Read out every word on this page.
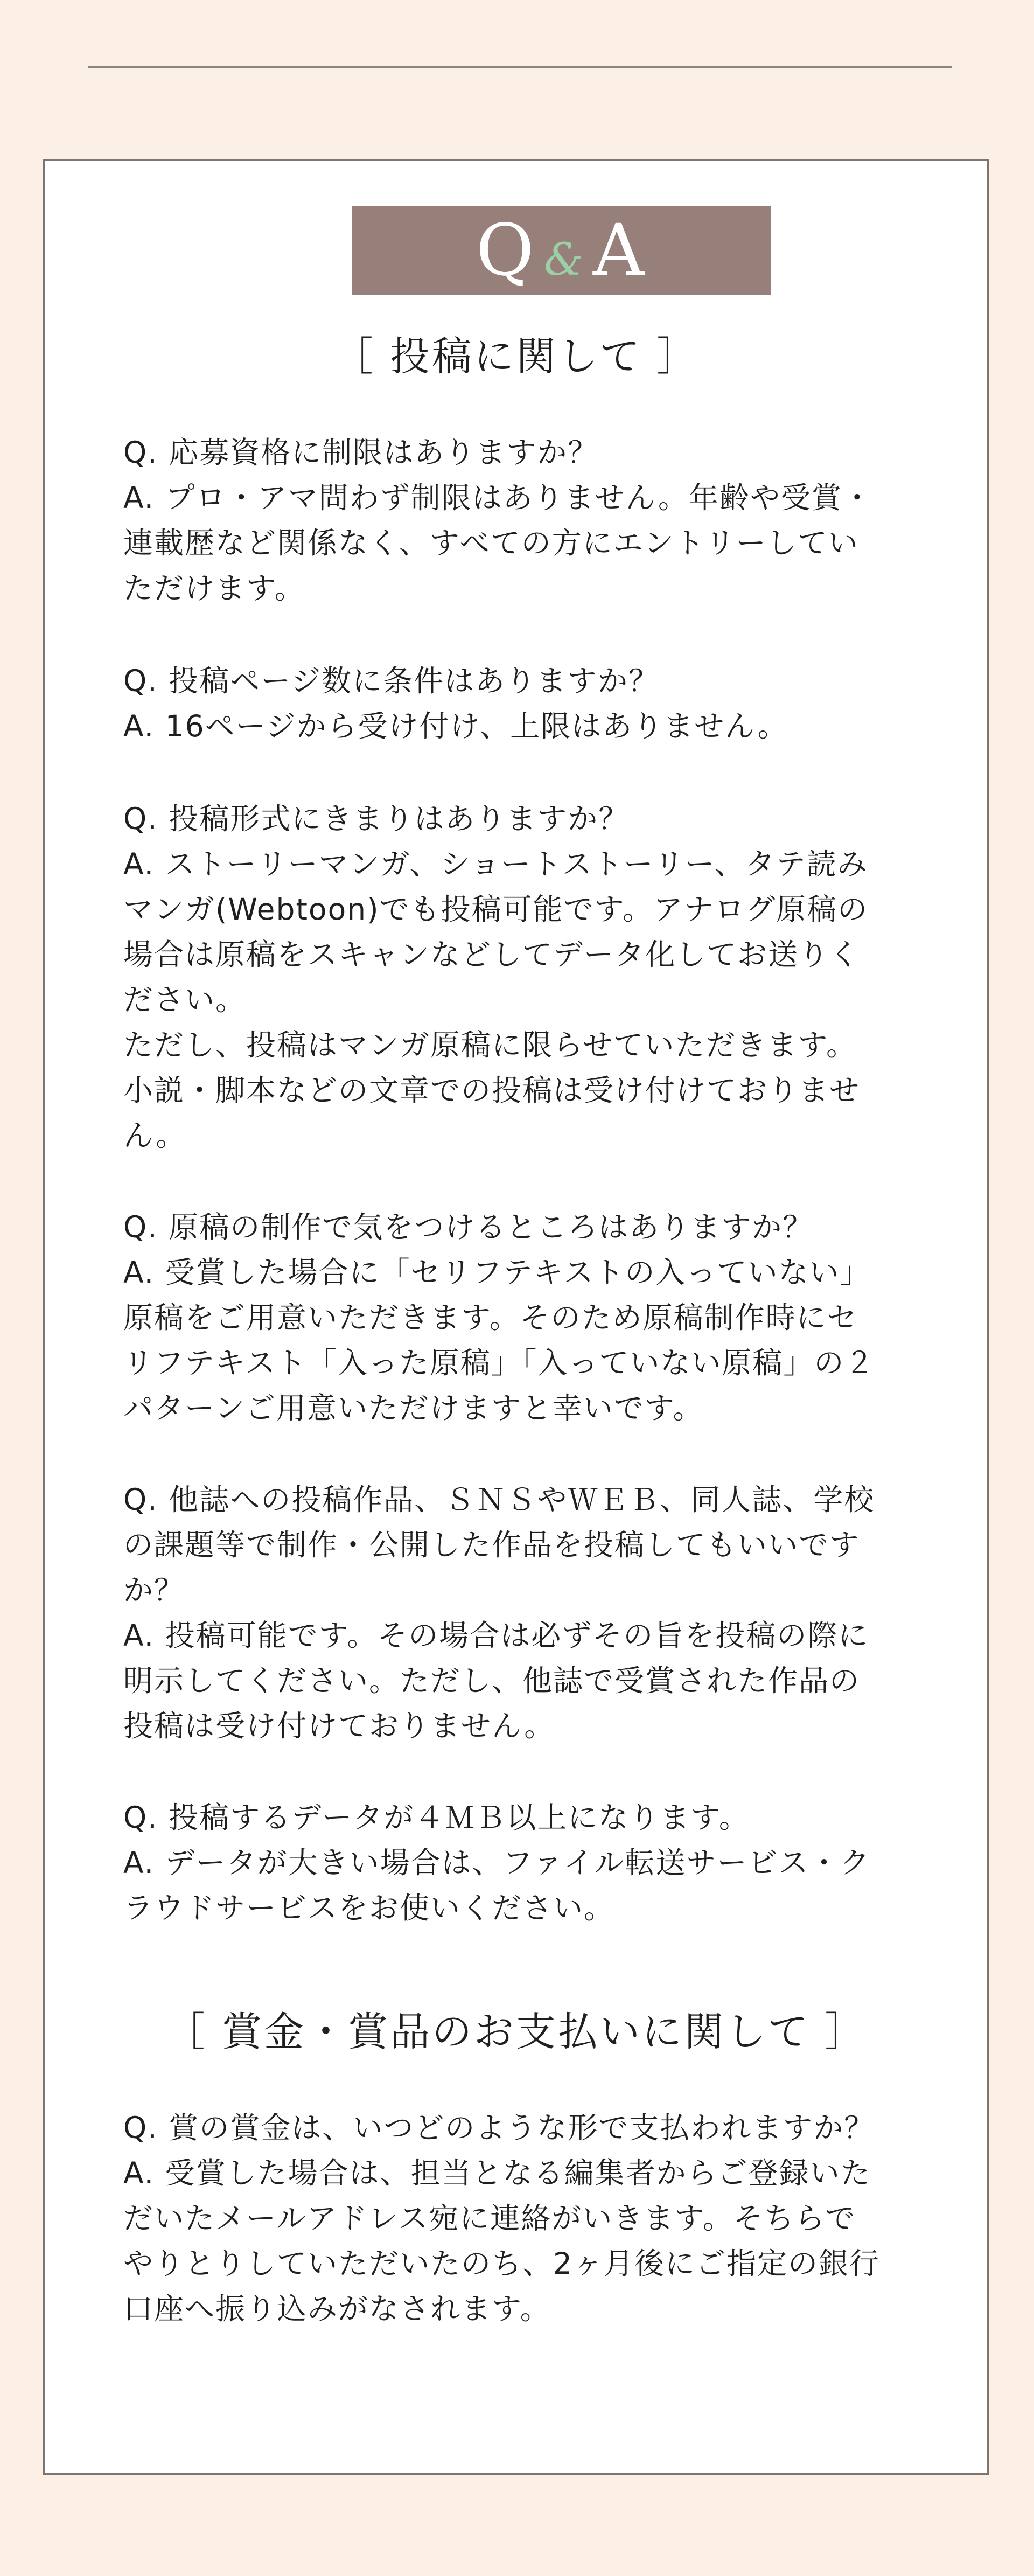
Q & A
［ 投稿に関して ］
Q. 応募資格に制限はありますか？
A. プロ・アマ問わず制限はありません。年齢や受賞・
連載歴など関係なく、すべての方にエントリーしてい
ただけます。
Q. 投稿ページ数に条件はありますか？
A. 16ページから受け付け、上限はありません。
Q. 投稿形式にきまりはありますか？
A. ストーリーマンガ、ショートストーリー、タテ読み
マンガ(Webtoon)でも投稿可能です。アナログ原稿の
場合は原稿をスキャンなどしてデータ化してお送りく
ださい。
ただし、投稿はマンガ原稿に限らせていただきます。
小説・脚本などの文章での投稿は受け付けておりませ
ん。
Q. 原稿の制作で気をつけるところはありますか？
A. 受賞した場合に「セリフテキストの入っていない」
原稿をご用意いただきます。そのため原稿制作時にセ
リフテキスト「入った原稿」「入っていない原稿」の２
パターンご用意いただけますと幸いです。
Q. 他誌への投稿作品、ＳＮＳやＷＥＢ、同人誌、学校
の課題等で制作・公開した作品を投稿してもいいです
か？
A. 投稿可能です。その場合は必ずその旨を投稿の際に
明示してください。ただし、他誌で受賞された作品の
投稿は受け付けておりません。
Q. 投稿するデータが４ＭＢ以上になります。
A. データが大きい場合は、ファイル転送サービス・ク
ラウドサービスをお使いください。
［ 賞金・賞品のお支払いに関して ］
Q. 賞の賞金は、いつどのような形で支払われますか？
A. 受賞した場合は、担当となる編集者からご登録いた
だいたメールアドレス宛に連絡がいきます。そちらで
やりとりしていただいたのち、2ヶ月後にご指定の銀行
口座へ振り込みがなされます。
